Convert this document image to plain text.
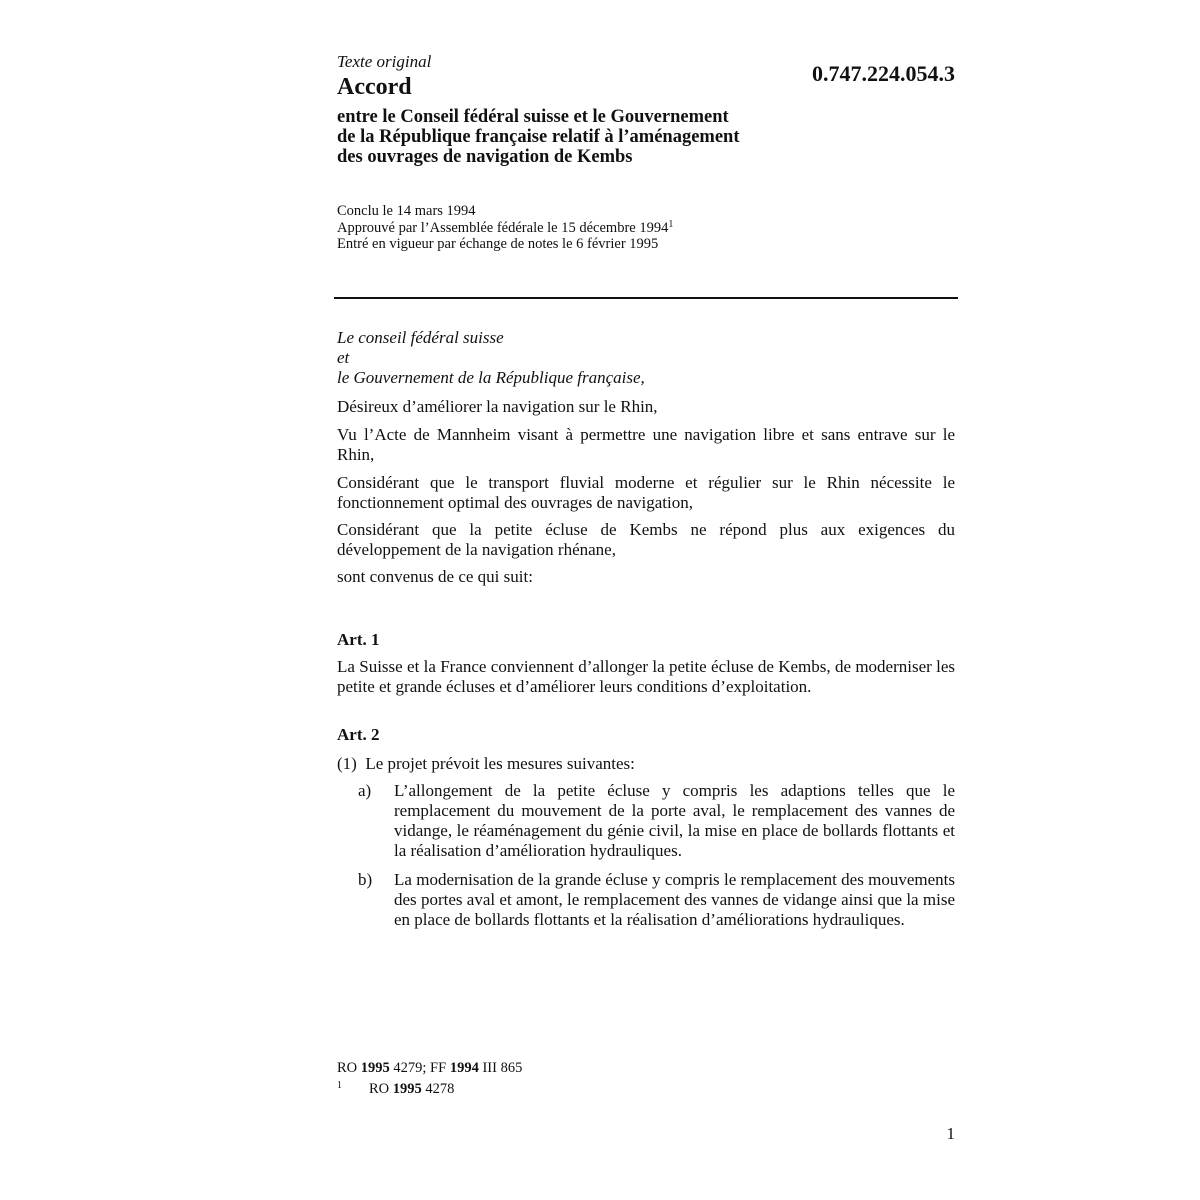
Texte original
Accord
0.747.224.054.3
entre le Conseil fédéral suisse et le Gouvernement
de la République française relatif à l’aménagement
des ouvrages de navigation de Kembs
Conclu le 14 mars 1994
Approuvé par l’Assemblée fédérale le 15 décembre 1994$^1$
Entré en vigueur par échange de notes le 6 février 1995
Le conseil fédéral suisse
et
le Gouvernement de la République française,
Désireux d’améliorer la navigation sur le Rhin,
Vu l’Acte de Mannheim visant à permettre une navigation libre et sans entrave sur le Rhin,
Considérant que le transport fluvial moderne et régulier sur le Rhin nécessite le fonctionnement optimal des ouvrages de navigation,
Considérant que la petite écluse de Kembs ne répond plus aux exigences du développement de la navigation rhénane,
sont convenus de ce qui suit:
Art. 1
La Suisse et la France conviennent d’allonger la petite écluse de Kembs, de moderniser les petite et grande écluses et d’améliorer leurs conditions d’exploitation.
Art. 2
(1)  Le projet prévoit les mesures suivantes:
a) L’allongement de la petite écluse y compris les adaptions telles que le remplacement du mouvement de la porte aval, le remplacement des vannes de vidange, le réaménagement du génie civil, la mise en place de bollards flottants et la réalisation d’amélioration hydrauliques.
b) La modernisation de la grande écluse y compris le remplacement des mouvements des portes aval et amont, le remplacement des vannes de vidange ainsi que la mise en place de bollards flottants et la réalisation d’améliorations hydrauliques.
RO 1995 4279; FF 1994 III 865
$^1$ RO 1995 4278
1
